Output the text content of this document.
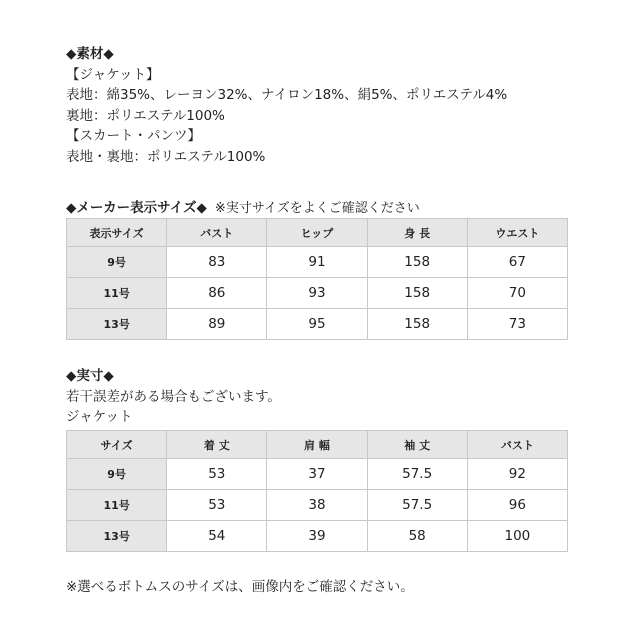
◆素材◆
【ジャケット】
表地：綿35%、レーヨン32%、ナイロン18%、絹5%、ポリエステル4%
裏地：ポリエステル100%
【スカート・パンツ】
表地・裏地：ポリエステル100%
◆メーカー表示サイズ◆ ※実寸サイズをよくご確認ください
表示サイズ	バスト	ヒップ	身 長	ウエスト
9号	83	91	158	67
11号	86	93	158	70
13号	89	95	158	73
◆実寸◆
若干誤差がある場合もございます。
ジャケット
サイズ	着 丈	肩 幅	袖 丈	バスト
9号	53	37	57.5	92
11号	53	38	57.5	96
13号	54	39	58	100
※選べるボトムスのサイズは、画像内をご確認ください。
